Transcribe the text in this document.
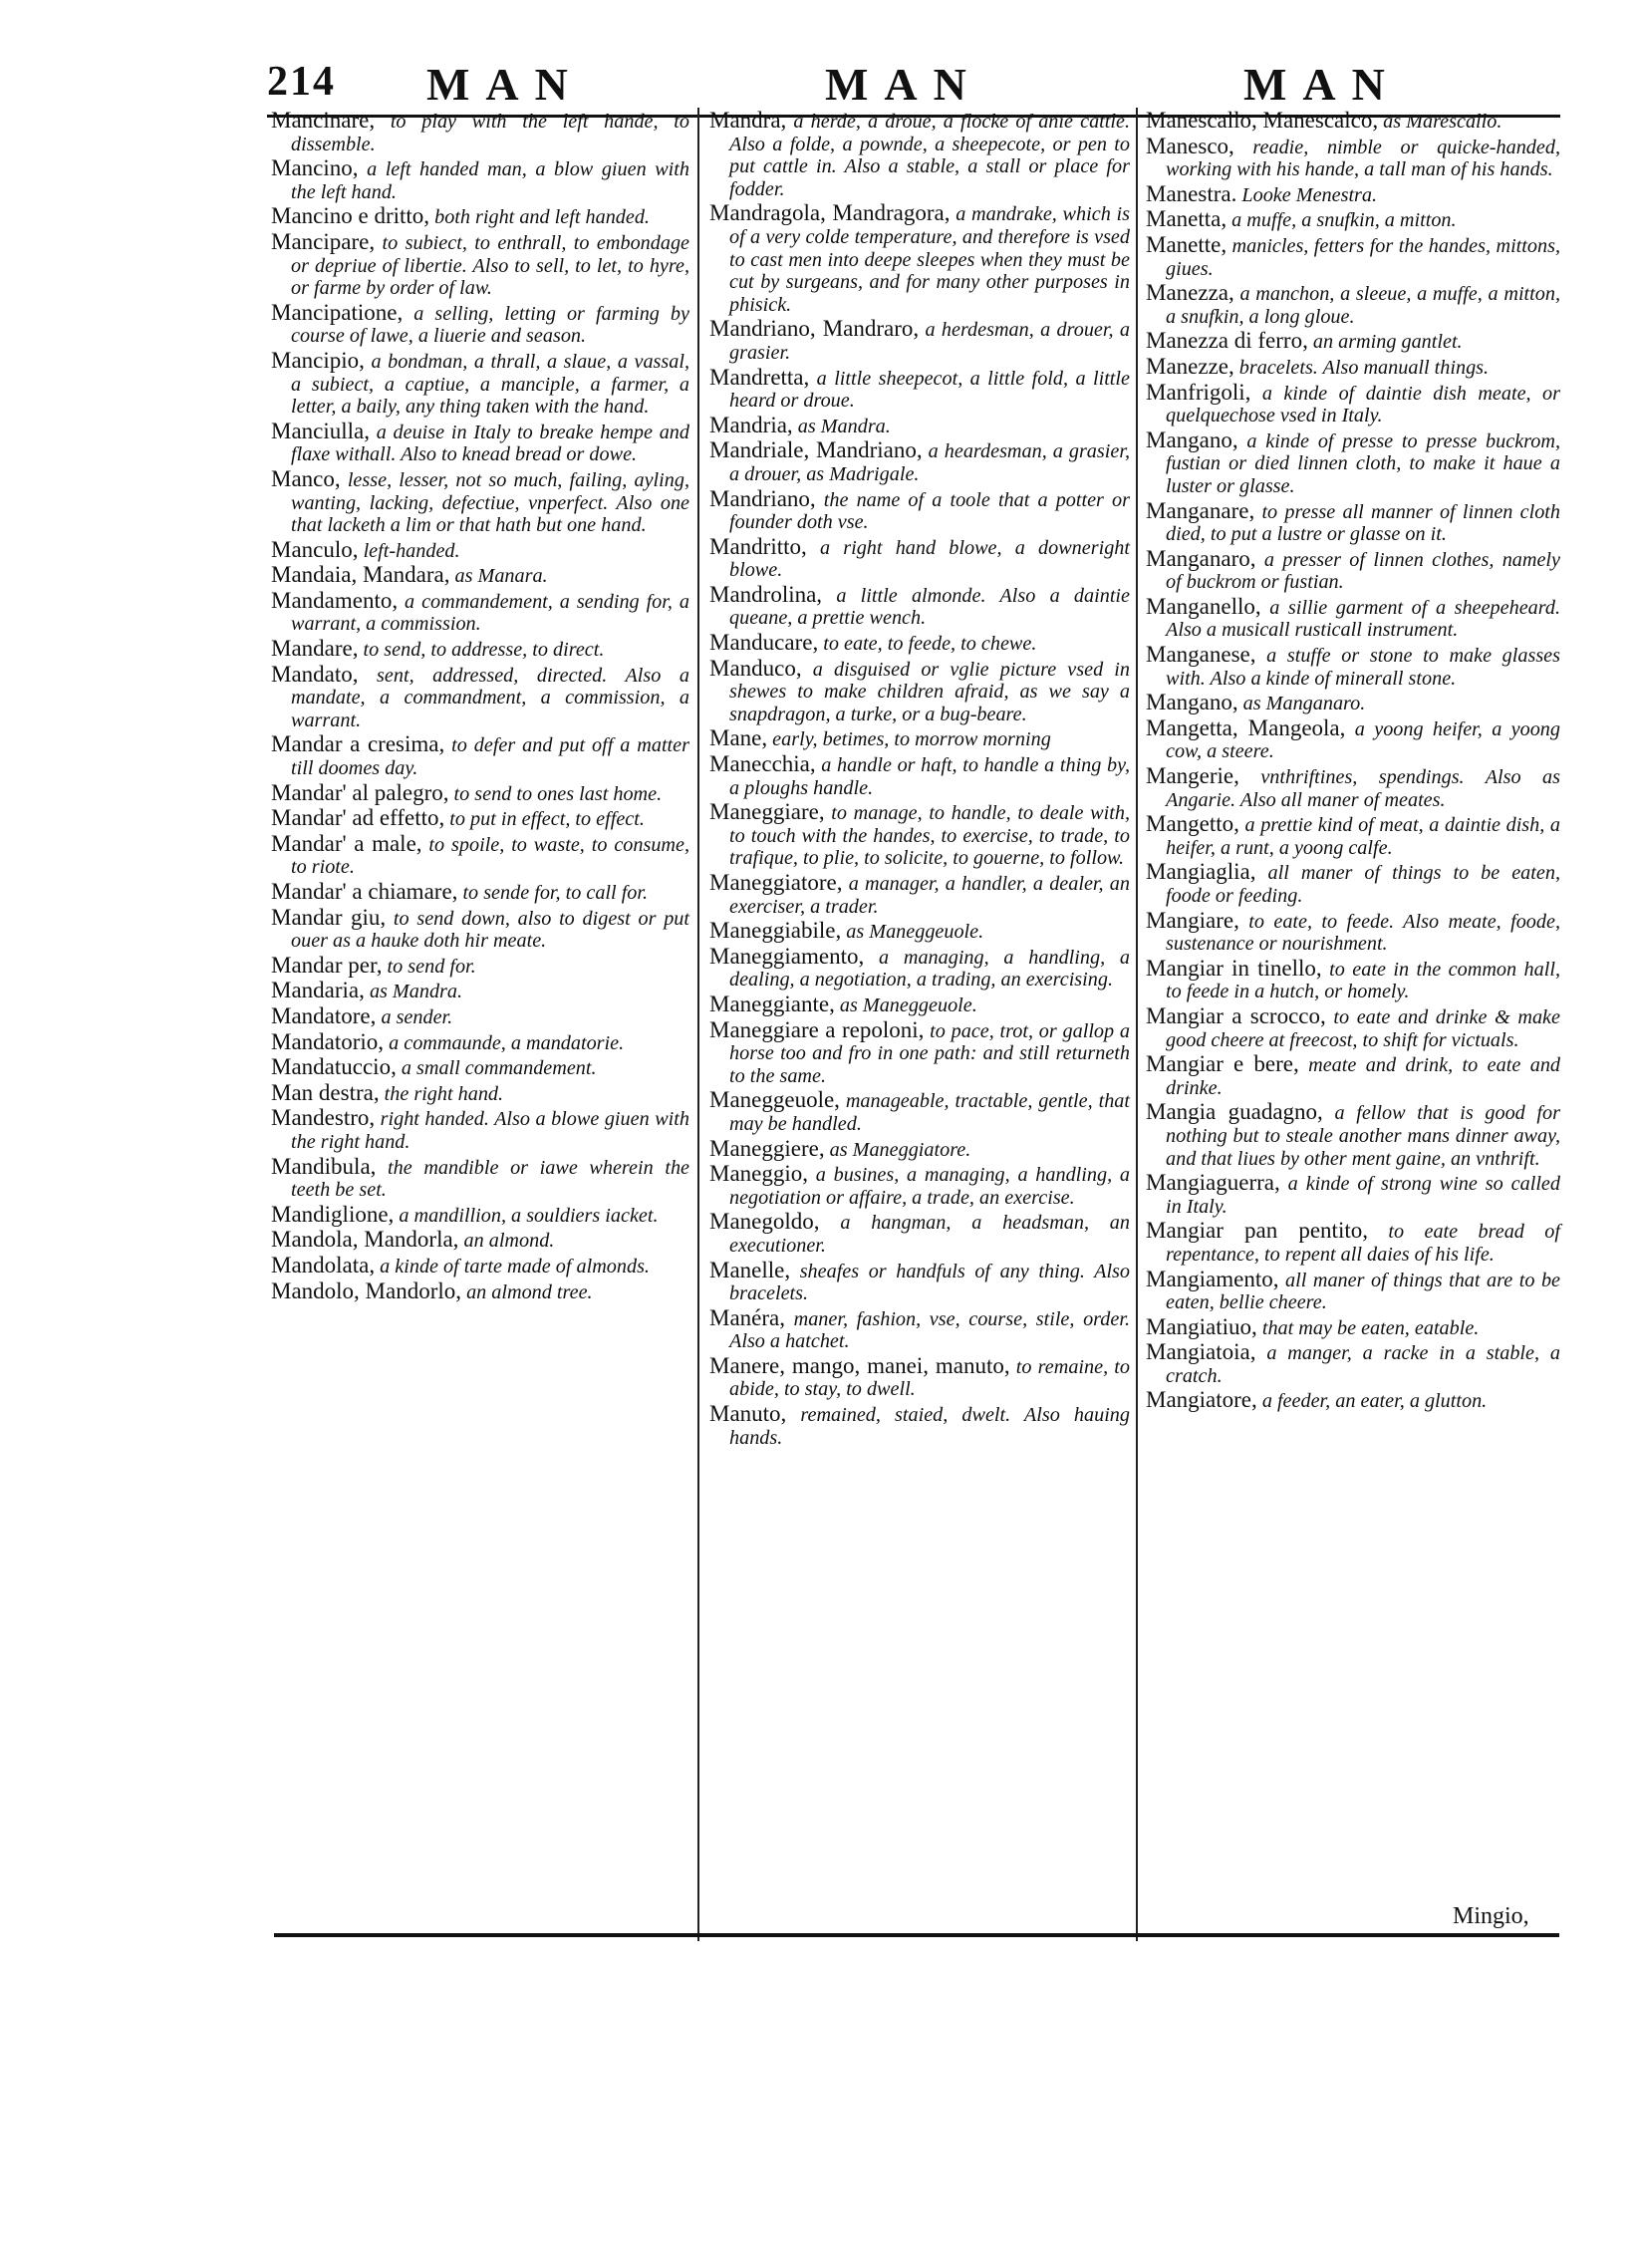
214 MAN	MAN	MAN

Mancinare, to play with the left hande, to dissemble.

Mancino, a left handed man, a blow giuen with the left hand.

Mancino e dritto, both right and left handed.

Mancipare, to subiect, to enthrall, to embondage or depriue of libertie. Also to sell, to let, to hyre, or farme by order of law.

Mancipatione, a selling, letting or farming by course of lawe, a liuerie and season.

Mancipio, a bondman, a thrall, a slaue, a vassal, a subiect, a captiue, a manciple, a farmer, a letter, a baily, any thing taken with the hand.

Manciulla, a deuise in Italy to breake hempe and flaxe withall. Also to knead bread or dowe.

Manco, lesse, lesser, not so much, failing, ayling, wanting, lacking, defectiue, vnperfect. Also one that lacketh a lim or that hath but one hand.

Manculo, left-handed.

Mandaia, Mandara, as Manara.

Mandamento, a commandement, a sending for, a warrant, a commission.

Mandare, to send, to addresse, to direct.

Mandato, sent, addressed, directed. Also a mandate, a commandment, a commission, a warrant.

Mandar a cresima, to defer and put off a matter till doomes day.

Mandar' al palegro, to send to ones last home.

Mandar' ad effetto, to put in effect, to effect.

Mandar' a male, to spoile, to waste, to consume, to riote.

Mandar' a chiamare, to sende for, to call for.

Mandar giu, to send down, also to digest or put ouer as a hauke doth hir meate.

Mandar per, to send for.

Mandaria, as Mandra.

Mandatore, a sender.

Mandatorio, a commaunde, a mandatorie.

Mandatuccio, a small commandement.

Man destra, the right hand.

Mandestro, right handed. Also a blowe giuen with the right hand.

Mandibula, the mandible or iawe wherein the teeth be set.

Mandiglione, a mandillion, a souldiers iacket.

Mandola, Mandorla, an almond.

Mandolata, a kinde of tarte made of almonds.

Mandolo, Mandorlo, an almond tree.

Mandra, a herde, a droue, a flocke of anie cattle. Also a folde, a pownde, a sheepecote, or pen to put cattle in. Also a stable, a stall or place for fodder.

Mandragola, Mandragora, a mandrake, which is of a very colde temperature, and therefore is vsed to cast men into deepe sleepes when they must be cut by surgeans, and for many other purposes in phisick.

Mandriano, Mandraro, a herdesman, a drouer, a grasier.

Mandretta, a little sheepecot, a little fold, a little heard or droue.

Mandria, as Mandra.

Mandriale, Mandriano, a heardesman, a grasier, a drouer, as Madrigale.

Mandriano, the name of a toole that a potter or founder doth vse.

Mandritto, a right hand blowe, a downeright blowe.

Mandrolina, a little almonde. Also a daintie queane, a prettie wench.

Manducare, to eate, to feede, to chewe.

Manduco, a disguised or vglie picture vsed in shewes to make children afraid, as we say a snapdragon, a turke, or a bug-beare.

Mane, early, betimes, to morrow morning

Manecchia, a handle or haft, to handle a thing by, a ploughs handle.

Maneggiare, to manage, to handle, to deale with, to touch with the handes, to exercise, to trade, to trafique, to plie, to solicite, to gouerne, to follow.

Maneggiatore, a manager, a handler, a dealer, an exerciser, a trader.

Maneggiabile, as Maneggeuole.

Maneggiamento, a managing, a handling, a dealing, a negotiation, a trading, an exercising.

Maneggiante, as Maneggeuole.

Maneggiare a repoloni, to pace, trot, or gallop a horse too and fro in one path: and still returneth to the same.

Maneggeuole, manageable, tractable, gentle, that may be handled.

Maneggiere, as Maneggiatore.

Maneggio, a busines, a managing, a handling, a negotiation or affaire, a trade, an exercise.

Manegoldo, a hangman, a headsman, an executioner.

Manelle, sheafes or handfuls of any thing. Also bracelets.

Manéra, maner, fashion, vse, course, stile, order. Also a hatchet.

Manere, mango, manei, manuto, to remaine, to abide, to stay, to dwell.

Manuto, remained, staied, dwelt. Also hauing hands.

Manescallo, Manescalco, as Marescallo.

Manesco, readie, nimble or quicke-handed, working with his hande, a tall man of his hands.

Manestra. Looke Menestra.

Manetta, a muffe, a snufkin, a mitton.

Manette, manicles, fetters for the handes, mittons, giues.

Manezza, a manchon, a sleeue, a muffe, a mitton, a snufkin, a long gloue.

Manezza di ferro, an arming gantlet.

Manezze, bracelets. Also manuall things.

Manfrigoli, a kinde of daintie dish meate, or quelquechose vsed in Italy.

Mangano, a kinde of presse to presse buckrom, fustian or died linnen cloth, to make it haue a luster or glasse.

Manganare, to presse all manner of linnen cloth died, to put a lustre or glasse on it.

Manganaro, a presser of linnen clothes, namely of buckrom or fustian.

Manganello, a sillie garment of a sheepeheard. Also a musicall rusticall instrument.

Manganese, a stuffe or stone to make glasses with. Also a kinde of minerall stone.

Mangano, as Manganaro.

Mangetta, Mangeola, a yoong heifer, a yoong cow, a steere.

Mangerie, vnthriftines, spendings. Also as Angarie. Also all maner of meates.

Mangetto, a prettie kind of meat, a daintie dish, a heifer, a runt, a yoong calfe.

Mangiaglia, all maner of things to be eaten, foode or feeding.

Mangiare, to eate, to feede. Also meate, foode, sustenance or nourishment.

Mangiar in tinello, to eate in the common hall, to feede in a hutch, or homely.

Mangiar a scrocco, to eate and drinke & make good cheere at freecost, to shift for victuals.

Mangiar e bere, meate and drink, to eate and drinke.

Mangia guadagno, a fellow that is good for nothing but to steale another mans dinner away, and that liues by other ment gaine, an vnthrift.

Mangiaguerra, a kinde of strong wine so called in Italy.

Mangiar pan pentito, to eate bread of repentance, to repent all daies of his life.

Mangiamento, all maner of things that are to be eaten, bellie cheere.

Mangiatiuo, that may be eaten, eatable.

Mangiatoia, a manger, a racke in a stable, a cratch.

Mangiatore, a feeder, an eater, a glutton.

Mingio,
